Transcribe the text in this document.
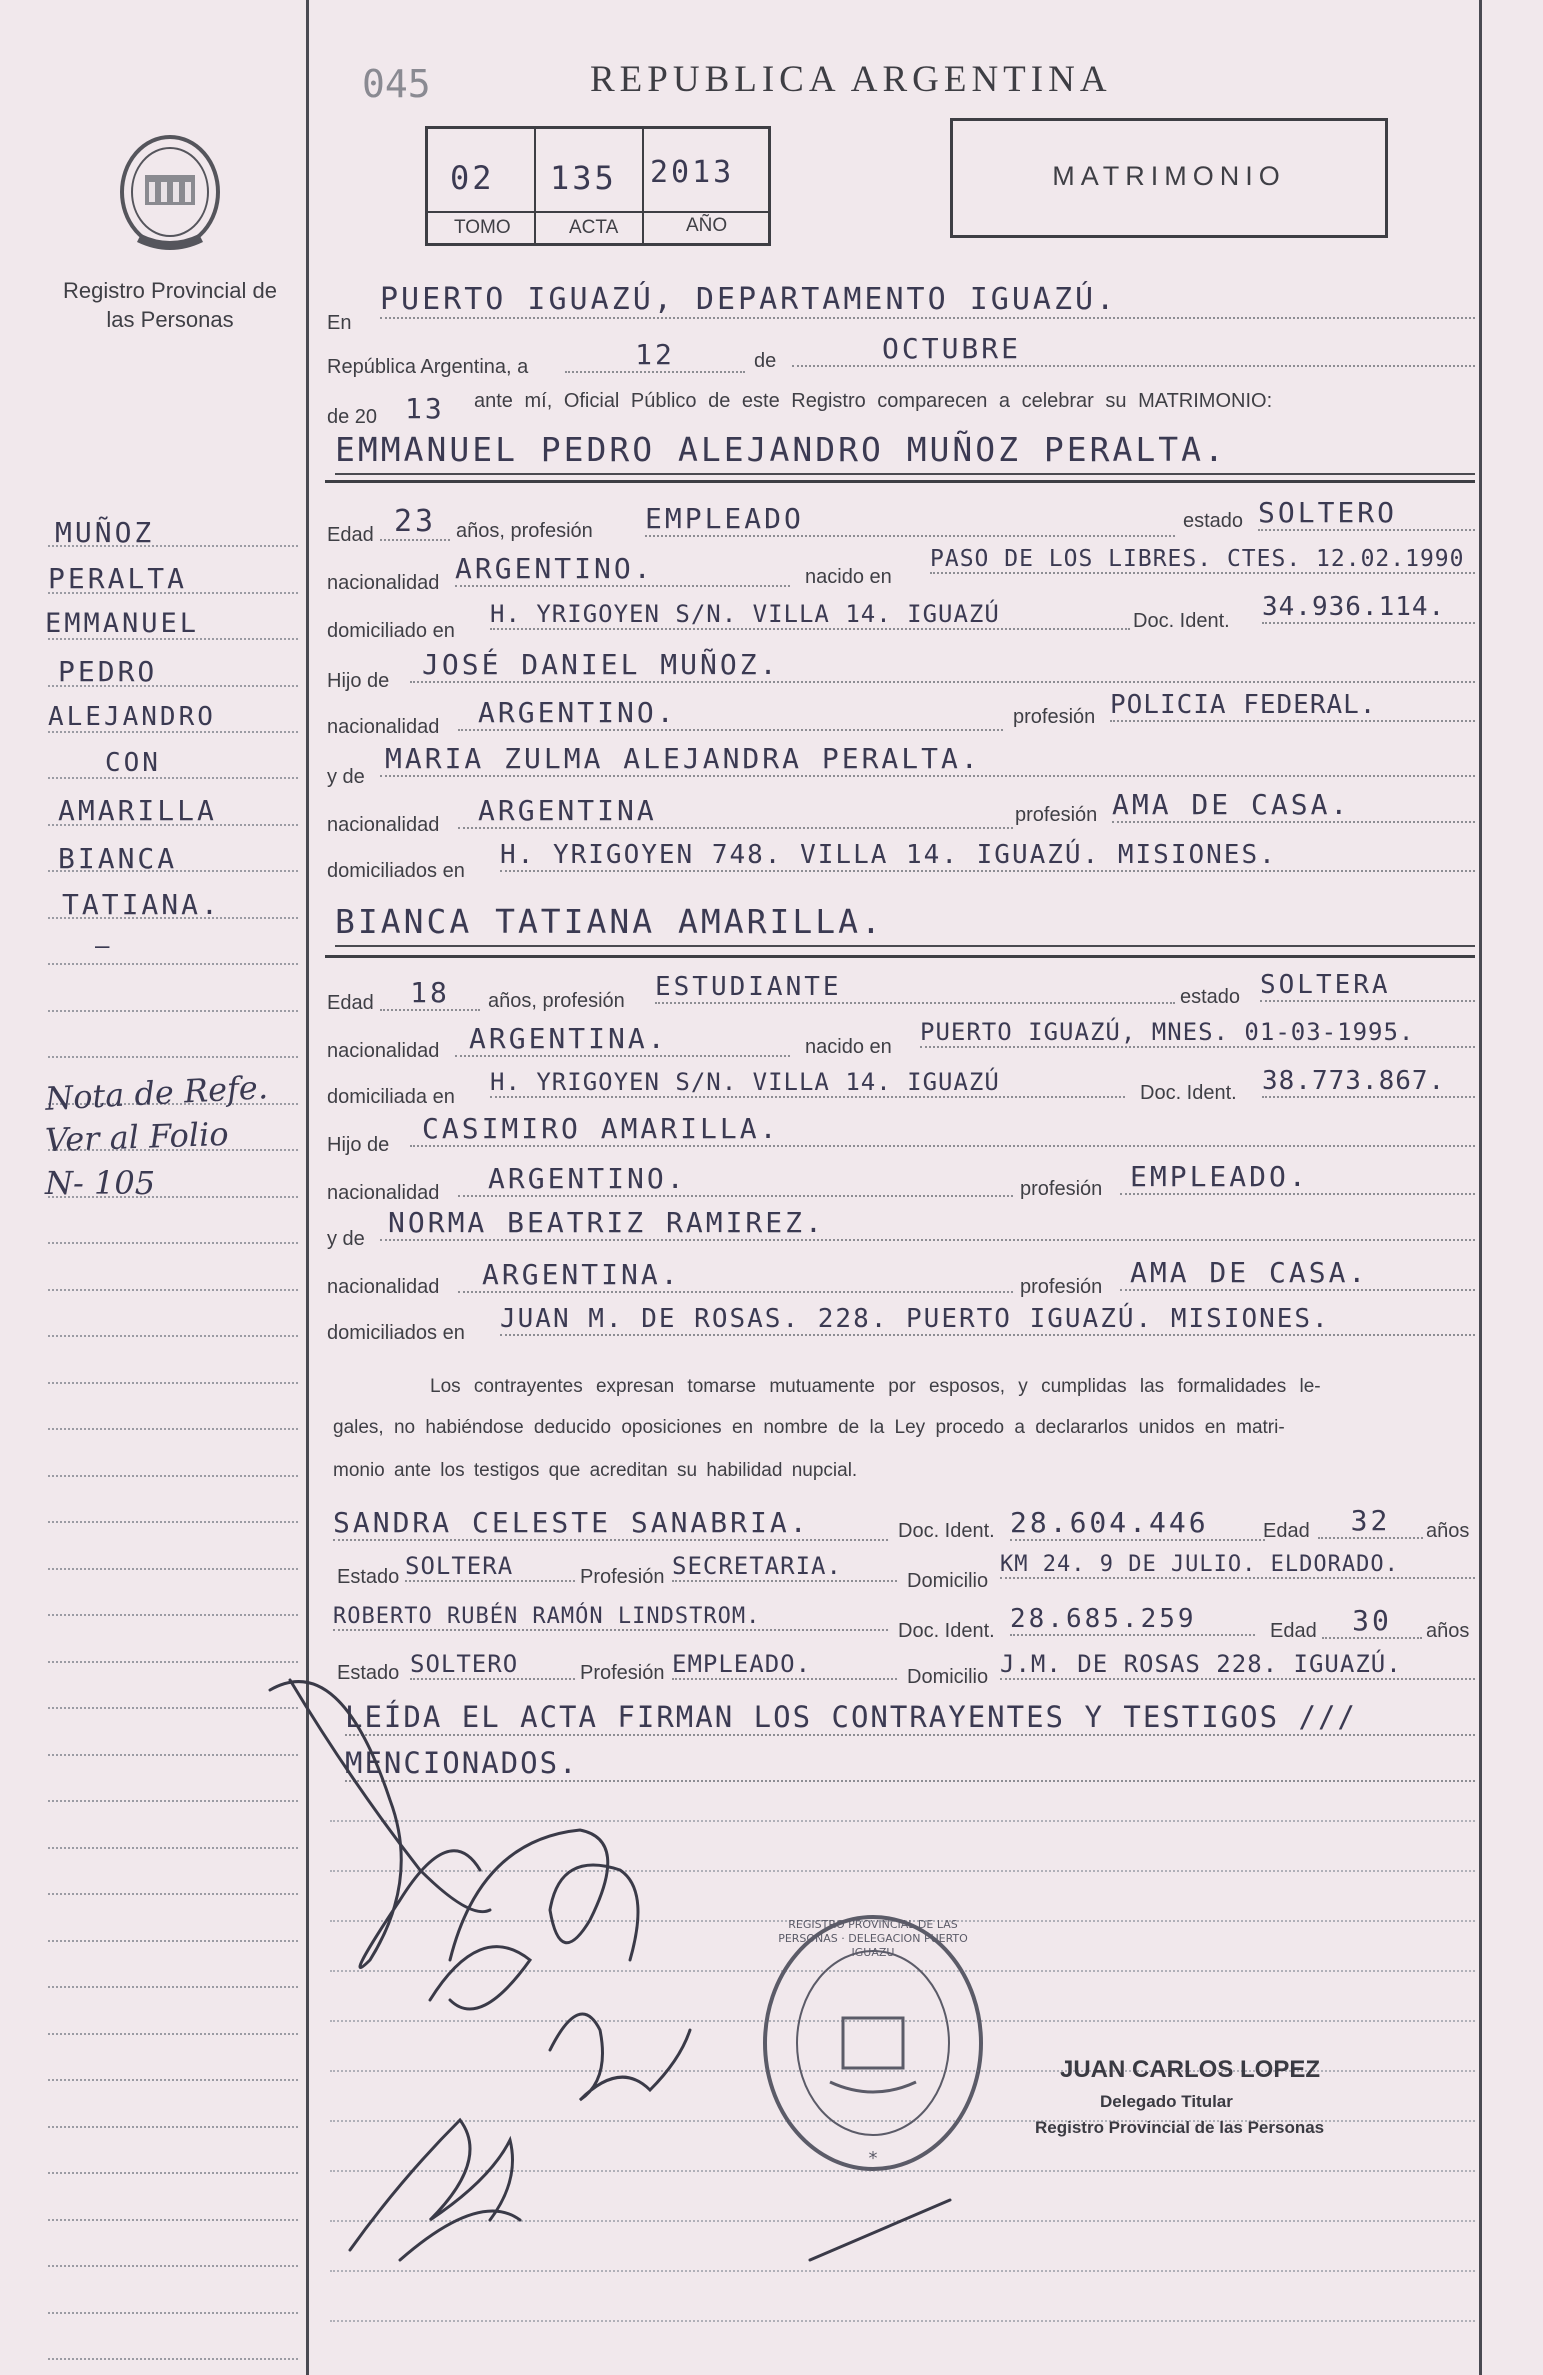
Registro Provincial de las Personas
045	REPUBLICA ARGENTINA
02 135 2013
TOMO	ACTA	AÑO
MATRIMONIO
En
PUERTO IGUAZÚ, DEPARTAMENTO IGUAZÚ.
República Argentina, a	12	de	OCTUBRE
de 20 13 ante mí, Oficial Público de este Registro comparecen a celebrar su MATRIMONIO:
EMMANUEL PEDRO ALEJANDRO MUÑOZ PERALTA.
Edad 23 años, profesión EMPLEADO	estado SOLTERO
nacionalidad ARGENTINO.	nacido en
PASO DE LOS LIBRES. CTES. 12.02.1990
domiciliado en
H. YRIGOYEN S/N. VILLA 14. IGUAZÚ	Doc. Ident. 34.936.114.
Hijo de	JOSÉ DANIEL MUÑOZ.
nacionalidad	ARGENTINO.	profesión POLICIA FEDERAL.
y de
MARIA ZULMA ALEJANDRA PERALTA.
nacionalidad	ARGENTINA	profesión AMA DE CASA.
domiciliados en
H. YRIGOYEN 748. VILLA 14. IGUAZÚ. MISIONES.
BIANCA TATIANA AMARILLA.
Edad	18	años, profesión ESTUDIANTE	estado SOLTERA
nacionalidad	ARGENTINA.	nacido en
PUERTO IGUAZÚ, MNES. 01-03-1995.
domiciliada en
H. YRIGOYEN S/N. VILLA 14. IGUAZÚ	Doc. Ident. 38.773.867.
Hijo de	CASIMIRO AMARILLA.
nacionalidad	ARGENTINO.	profesión EMPLEADO.
y de NORMA BEATRIZ RAMIREZ.
nacionalidad	ARGENTINA.	profesión AMA DE CASA.
domiciliados en JUAN M. DE ROSAS. 228. PUERTO IGUAZÚ. MISIONES.
Los contrayentes expresan tomarse mutuamente por esposos, y cumplidas las formalidades le-
gales, no habiéndose deducido oposiciones en nombre de la Ley procedo a declararlos unidos en matri-
monio ante los testigos que acreditan su habilidad nupcial.
SANDRA CELESTE SANABRIA.	Doc. Ident. 28.604.446	Edad	32	años
Estado SOLTERA	Profesión SECRETARIA.
Domicilio
KM 24. 9 DE JULIO. ELDORADO.
ROBERTO RUBÉN RAMÓN LINDSTROM.
Doc. Ident. 28.685.259	Edad	30	años
Estado SOLTERO	Profesión EMPLEADO.	Domicilio J.M. DE ROSAS 228. IGUAZÚ.
LEÍDA EL ACTA FIRMAN LOS CONTRAYENTES Y TESTIGOS ///
MENCIONADOS.
MUÑOZ
PERALTA
EMMANUEL
PEDRO
ALEJANDRO
CON
AMARILLA
BIANCA
TATIANA.
—
Nota de Refe.
Ver al Folio
N- 105
*
REGISTRO PROVINCIAL DE LAS PERSONAS · DELEGACION PUERTO IGUAZU
JUAN CARLOS LOPEZ
Delegado Titular
Registro Provincial de las Personas
